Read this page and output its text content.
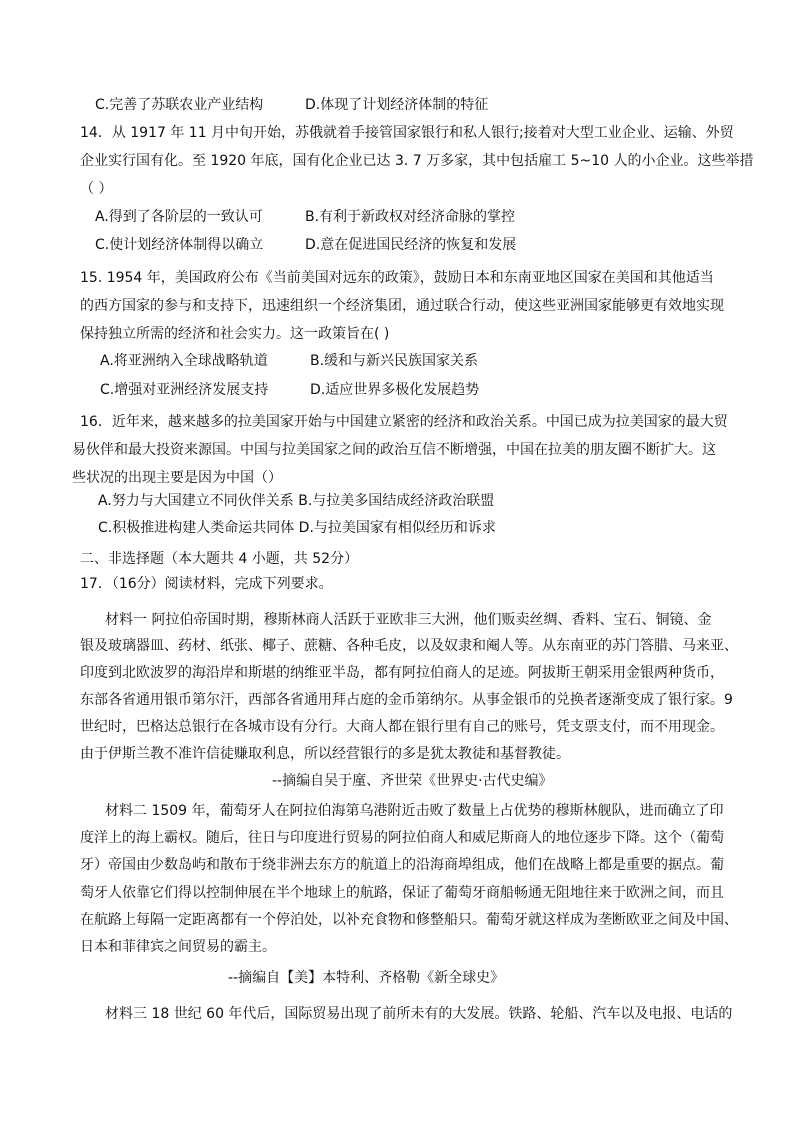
C.完善了苏联农业产业结构	D.体现了计划经济体制的特征
14．从 1917 年 11 月中旬开始，苏俄就着手接管国家银行和私人银行;接着对大型工业企业、运输、外贸
企业实行国有化。至 1920 年底，国有化企业已达 3. 7 万多家，其中包括雇工 5~10 人的小企业。这些举措
（ ）
A.得到了各阶层的一致认可	B.有利于新政权对经济命脉的掌控
C.使计划经济体制得以确立	D.意在促进国民经济的恢复和发展
15. 1954 年，美国政府公布《当前美国对远东的政策》，鼓励日本和东南亚地区国家在美国和其他适当
的西方国家的参与和支持下，迅速组织一个经济集团，通过联合行动，使这些亚洲国家能够更有效地实现
保持独立所需的经济和社会实力。这一政策旨在( )
A.将亚洲纳入全球战略轨道	B.缓和与新兴民族国家关系
C.增强对亚洲经济发展支持	D.适应世界多极化发展趋势
16．近年来，越来越多的拉美国家开始与中国建立紧密的经济和政治关系。中国已成为拉美国家的最大贸
易伙伴和最大投资来源国。中国与拉美国家之间的政治互信不断增强，中国在拉美的朋友圈不断扩大。这
些状况的出现主要是因为中国（）
A.努力与大国建立不同伙伴关系 B.与拉美多国结成经济政治联盟
C.积极推进构建人类命运共同体 D.与拉美国家有相似经历和诉求
二、非选择题（本大题共 4 小题，共 52分）
17．（16分）阅读材料，完成下列要求。
材料一 阿拉伯帝国时期，穆斯林商人活跃于亚欧非三大洲，他们贩卖丝绸、香料、宝石、铜镜、金
银及玻璃器皿、药材、纸张、椰子、蔗糖、各种毛皮，以及奴隶和阉人等。从东南亚的苏门答腊、马来亚、
印度到北欧波罗的海沿岸和斯堪的纳维亚半岛，都有阿拉伯商人的足迹。阿拔斯王朝采用金银两种货币，
东部各省通用银币第尔汗，西部各省通用拜占庭的金币第纳尔。从事金银币的兑换者逐渐变成了银行家。9
世纪时，巴格达总银行在各城市设有分行。大商人都在银行里有自己的账号，凭支票支付，而不用现金。
由于伊斯兰教不准许信徒赚取利息，所以经营银行的多是犹太教徒和基督教徒。
--摘编自吴于廑、齐世荣《世界史·古代史编》
材料二 1509 年，葡萄牙人在阿拉伯海第乌港附近击败了数量上占优势的穆斯林舰队，进而确立了印
度洋上的海上霸权。随后，往日与印度进行贸易的阿拉伯商人和威尼斯商人的地位逐步下降。这个（葡萄
牙）帝国由少数岛屿和散布于绕非洲去东方的航道上的沿海商埠组成，他们在战略上都是重要的据点。葡
萄牙人依靠它们得以控制伸展在半个地球上的航路，保证了葡萄牙商船畅通无阻地往来于欧洲之间，而且
在航路上每隔一定距离都有一个停泊处，以补充食物和修整船只。葡萄牙就这样成为垄断欧亚之间及中国、
日本和菲律宾之间贸易的霸主。
--摘编自【美】本特利、齐格勒《新全球史》
材料三 18 世纪 60 年代后，国际贸易出现了前所未有的大发展。铁路、轮船、汽车以及电报、电话的
